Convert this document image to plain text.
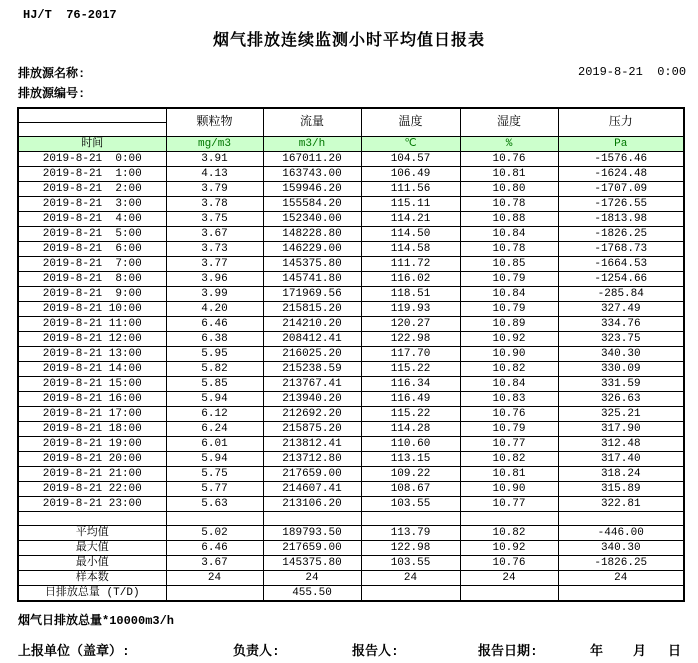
HJ/T  76-2017
烟气排放连续监测小时平均值日报表
排放源名称:	2019-8-21  0:00
排放源编号:
	颗粒物	流量	温度	湿度	压力

时间	mg/m3	m3/h	℃	%	Pa
2019-8-21  0:00	3.91	167011.20	104.57	10.76	-1576.46
2019-8-21  1:00	4.13	163743.00	106.49	10.81	-1624.48
2019-8-21  2:00	3.79	159946.20	111.56	10.80	-1707.09
2019-8-21  3:00	3.78	155584.20	115.11	10.78	-1726.55
2019-8-21  4:00	3.75	152340.00	114.21	10.88	-1813.98
2019-8-21  5:00	3.67	148228.80	114.50	10.84	-1826.25
2019-8-21  6:00	3.73	146229.00	114.58	10.78	-1768.73
2019-8-21  7:00	3.77	145375.80	111.72	10.85	-1664.53
2019-8-21  8:00	3.96	145741.80	116.02	10.79	-1254.66
2019-8-21  9:00	3.99	171969.56	118.51	10.84	-285.84
2019-8-21 10:00	4.20	215815.20	119.93	10.79	327.49
2019-8-21 11:00	6.46	214210.20	120.27	10.89	334.76
2019-8-21 12:00	6.38	208412.41	122.98	10.92	323.75
2019-8-21 13:00	5.95	216025.20	117.70	10.90	340.30
2019-8-21 14:00	5.82	215238.59	115.22	10.82	330.09
2019-8-21 15:00	5.85	213767.41	116.34	10.84	331.59
2019-8-21 16:00	5.94	213940.20	116.49	10.83	326.63
2019-8-21 17:00	6.12	212692.20	115.22	10.76	325.21
2019-8-21 18:00	6.24	215875.20	114.28	10.79	317.90
2019-8-21 19:00	6.01	213812.41	110.60	10.77	312.48
2019-8-21 20:00	5.94	213712.80	113.15	10.82	317.40
2019-8-21 21:00	5.75	217659.00	109.22	10.81	318.24
2019-8-21 22:00	5.77	214607.41	108.67	10.90	315.89
2019-8-21 23:00	5.63	213106.20	103.55	10.77	322.81

平均值	5.02	189793.50	113.79	10.82	-446.00
最大值	6.46	217659.00	122.98	10.92	340.30
最小值	3.67	145375.80	103.55	10.76	-1826.25
样本数	24	24	24	24	24
日排放总量 (T/D)		455.50			
烟气日排放总量*10000m3/h
上报单位（盖章）:	负责人:	报告人:	报告日期:	年 月 日
